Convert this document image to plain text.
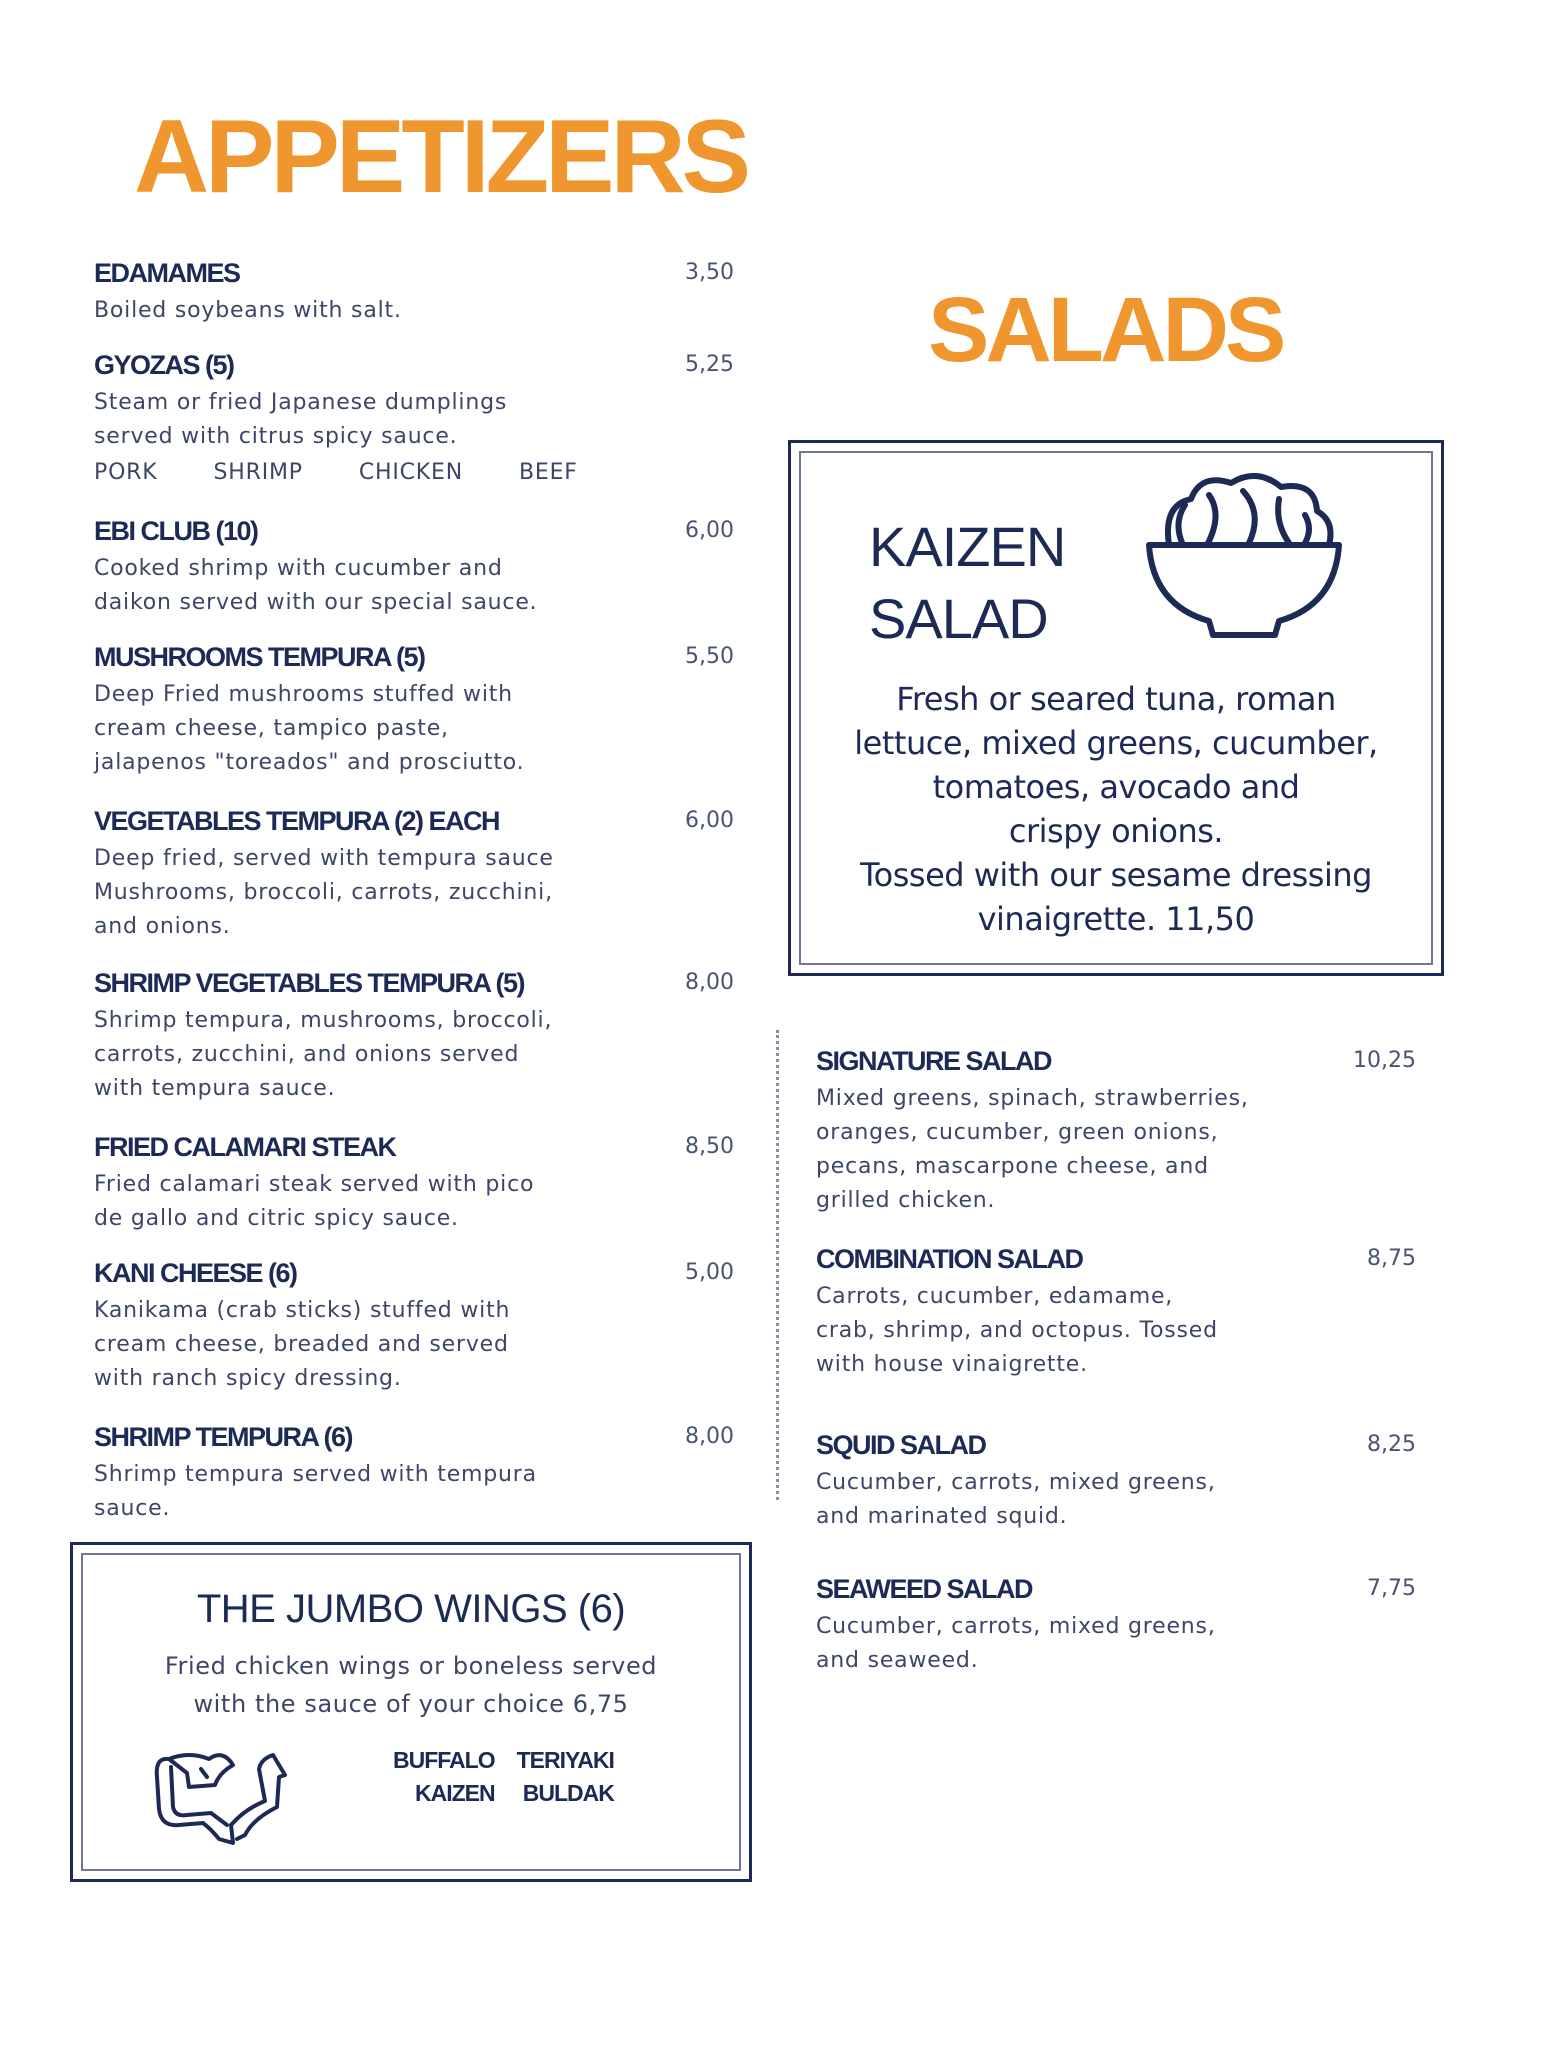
APPETIZERS
EDAMAMES	3,50

Boiled soybeans with salt.

GYOZAS (5)	5,25

Steam or fried Japanese dumplings
served with citrus spicy sauce.

PORK	SHRIMP	CHICKEN	BEEF
EBI CLUB (10)	6,00

Cooked shrimp with cucumber and
daikon served with our special sauce.

MUSHROOMS TEMPURA (5)	5,50

Deep Fried mushrooms stuffed with
cream cheese, tampico paste,
jalapenos "toreados" and prosciutto.

VEGETABLES TEMPURA (2) EACH	6,00

Deep fried, served with tempura sauce
Mushrooms, broccoli, carrots, zucchini,
and onions.

SHRIMP VEGETABLES TEMPURA (5)	8,00

Shrimp tempura, mushrooms, broccoli,
carrots, zucchini, and onions served
with tempura sauce.

FRIED CALAMARI STEAK	8,50

Fried calamari steak served with pico
de gallo and citric spicy sauce.

KANI CHEESE (6)	5,00

Kanikama (crab sticks) stuffed with
cream cheese, breaded and served
with ranch spicy dressing.

SHRIMP TEMPURA (6)	8,00

Shrimp tempura served with tempura
sauce.

THE JUMBO WINGS (6)

Fried chicken wings or boneless served
with the sauce of your choice 6,75

BUFFALO TERIYAKI
KAIZEN BULDAK
SALADS
KAIZEN
SALAD

Fresh or seared tuna, roman
lettuce, mixed greens, cucumber,
tomatoes, avocado and
crispy onions.
Tossed with our sesame dressing
vinaigrette. 11,50

SIGNATURE SALAD	10,25

Mixed greens, spinach, strawberries,
oranges, cucumber, green onions,
pecans, mascarpone cheese, and
grilled chicken.

COMBINATION SALAD	8,75

Carrots, cucumber, edamame,
crab, shrimp, and octopus. Tossed
with house vinaigrette.

SQUID SALAD	8,25

Cucumber, carrots, mixed greens,
and marinated squid.

SEAWEED SALAD	7,75

Cucumber, carrots, mixed greens,
and seaweed.
